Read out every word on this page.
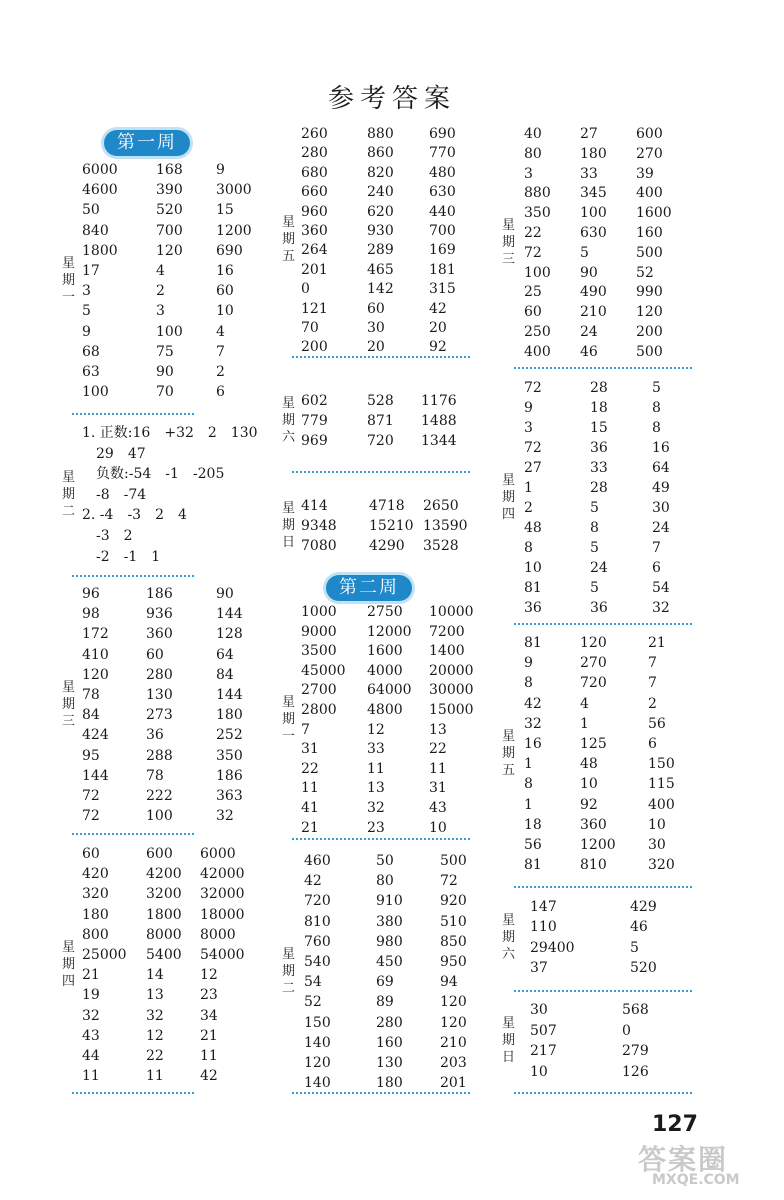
参考答案
第一周
第二周
星
期
一
6000	168 9
4600	390 3000
50	520 15
840	700 1200
1800	120 690
17	4	16
3	2	60
5	3	10
9	100 4
68	75	7
63	90	2
100	70	6
星
期
二
1. 正数:16　+32　2　130
　29　47
　负数:-54　-1　-205
　-8　-74
2. -4　-3　2　4
　-3　2
　-2　-1　1
星
期
三
96	186	90
98	936	144
172	360	128
410	60	64
120	280	84
78	130	144
84	273	180
424	36	252
95	288	350
144	78	186
72	222	363
72	100	32
星
期
四
60	600 6000
420	4200 42000
320	3200 32000
180	1800 18000
800	8000 8000
25000 5400 54000
21	14	12
19	13	23
32	32	34
43	12	21
44	22	11
11	11	42
星
期
五
260	880	690
280	860	770
680	820	480
660	240	630
960	620	440
360	930	700
264	289	169
201	465	181
0	142	315
121	60	42
70	30	20
200	20	92
星
期
六
602	528 1176
779	871 1488
969	720 1344
星
期
日
414	4718 2650
9348 15210 13590
7080 4290 3528
星
期
一
1000 2750 10000
9000 12000 7200
3500 1600 1400
45000 4000 20000
2700 64000 30000
2800 4800 15000
7	12	13
31	33	22
22	11	11
11	13	31
41	32	43
21	23	10
星
期
二
460	50	500
42	80	72
720	910	920
810	380	510
760	980	850
540	450	950
54	69	94
52	89	120
150	280	120
140	160	210
120	130	203
140	180	201
星
期
三
40	27	600
80	180 270
3	33	39
880 345 400
350 100 1600
22	630 160
72	5	500
100 90	52
25	490 990
60	210 120
250 24	200
400 46	500
星
期
四
72	28	5
9	18	8
3	15	8
72	36	16
27	33	64
1	28	49
2	5	30
48	8	24
8	5	7
10	24	6
81	5	54
36	36	32
星
期
五
81	120	21
9	270	7
8	720	7
42	4	2
32	1	56
16	125	6
1	48	150
8	10	115
1	92	400
18	360	10
56	1200 30
81	810	320
星
期
六
147	429
110	46
29400	5
37	520
星
期
日
30	568
507	0
217	279
10	126
127
答案圈
MXQE.COM
